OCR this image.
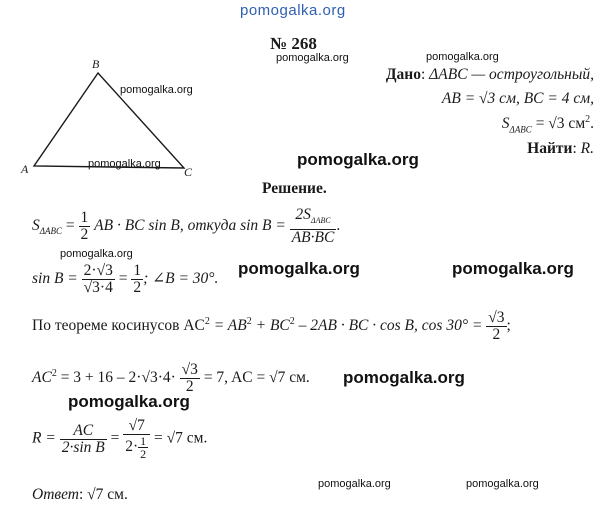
pomogalka.org
pomogalka.org	pomogalka.org
pomogalka.org
pomogalka.org	pomogalka.org
pomogalka.org
pomogalka.org	pomogalka.org
pomogalka.org
pomogalka.org
pomogalka.org	pomogalka.org
№ 268
B
A	C
Дано: ΔABC — остроугольный,
AB = √3 см, BC = 4 см,
$S_{\Delta ABC} = √3$ $см^2$.
Найти: R.
Решение.
$S_{\Delta ABC} = \frac{1}{2}$ AB · BC sin B, откуда $\sin B = \frac{2S_{\Delta ABC}}{AB\cdot BC}$ .
$\sin B = \frac{2\cdot√3}{√3\cdot 4} = \frac{1}{2}$ ; ∠B = 30°.
По теореме косинусов $AC^2 = AB^2 + BC^2 - 2AB$ · BC · cos B, $\cos 30^\circ = \frac{√3}{2}$ ;
$AC^2 = 3 + 16 - 2\cdot√3\cdot 4\cdot \frac{√3}{2} = 7$, AC = √7 см.
$R = \frac{AC}{\text{2·sin B}} = \frac{√7}{2\cdot \frac{1}{2}} = √7$ см.
Ответ: √7 см.
